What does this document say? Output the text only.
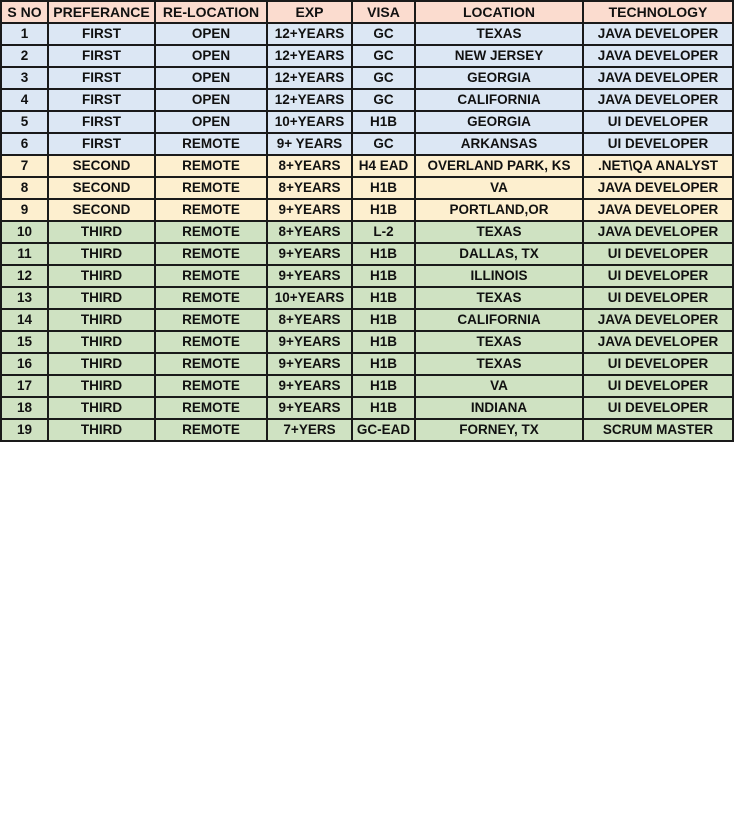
S NO	PREFERANCE	RE-LOCATION	EXP	VISA	LOCATION	TECHNOLOGY
1	FIRST	OPEN	12+YEARS	GC	TEXAS	JAVA DEVELOPER
2	FIRST	OPEN	12+YEARS	GC	NEW JERSEY	JAVA DEVELOPER
3	FIRST	OPEN	12+YEARS	GC	GEORGIA	JAVA DEVELOPER
4	FIRST	OPEN	12+YEARS	GC	CALIFORNIA	JAVA DEVELOPER
5	FIRST	OPEN	10+YEARS	H1B	GEORGIA	UI DEVELOPER
6	FIRST	REMOTE	9+ YEARS	GC	ARKANSAS	UI DEVELOPER
7	SECOND	REMOTE	8+YEARS	H4 EAD	OVERLAND PARK, KS	.NET\QA ANALYST
8	SECOND	REMOTE	8+YEARS	H1B	VA	JAVA DEVELOPER
9	SECOND	REMOTE	9+YEARS	H1B	PORTLAND,OR	JAVA DEVELOPER
10	THIRD	REMOTE	8+YEARS	L-2	TEXAS	JAVA DEVELOPER
11	THIRD	REMOTE	9+YEARS	H1B	DALLAS, TX	UI DEVELOPER
12	THIRD	REMOTE	9+YEARS	H1B	ILLINOIS	UI DEVELOPER
13	THIRD	REMOTE	10+YEARS	H1B	TEXAS	UI DEVELOPER
14	THIRD	REMOTE	8+YEARS	H1B	CALIFORNIA	JAVA DEVELOPER
15	THIRD	REMOTE	9+YEARS	H1B	TEXAS	JAVA DEVELOPER
16	THIRD	REMOTE	9+YEARS	H1B	TEXAS	UI DEVELOPER
17	THIRD	REMOTE	9+YEARS	H1B	VA	UI DEVELOPER
18	THIRD	REMOTE	9+YEARS	H1B	INDIANA	UI DEVELOPER
19	THIRD	REMOTE	7+YERS	GC-EAD	FORNEY, TX	SCRUM MASTER
